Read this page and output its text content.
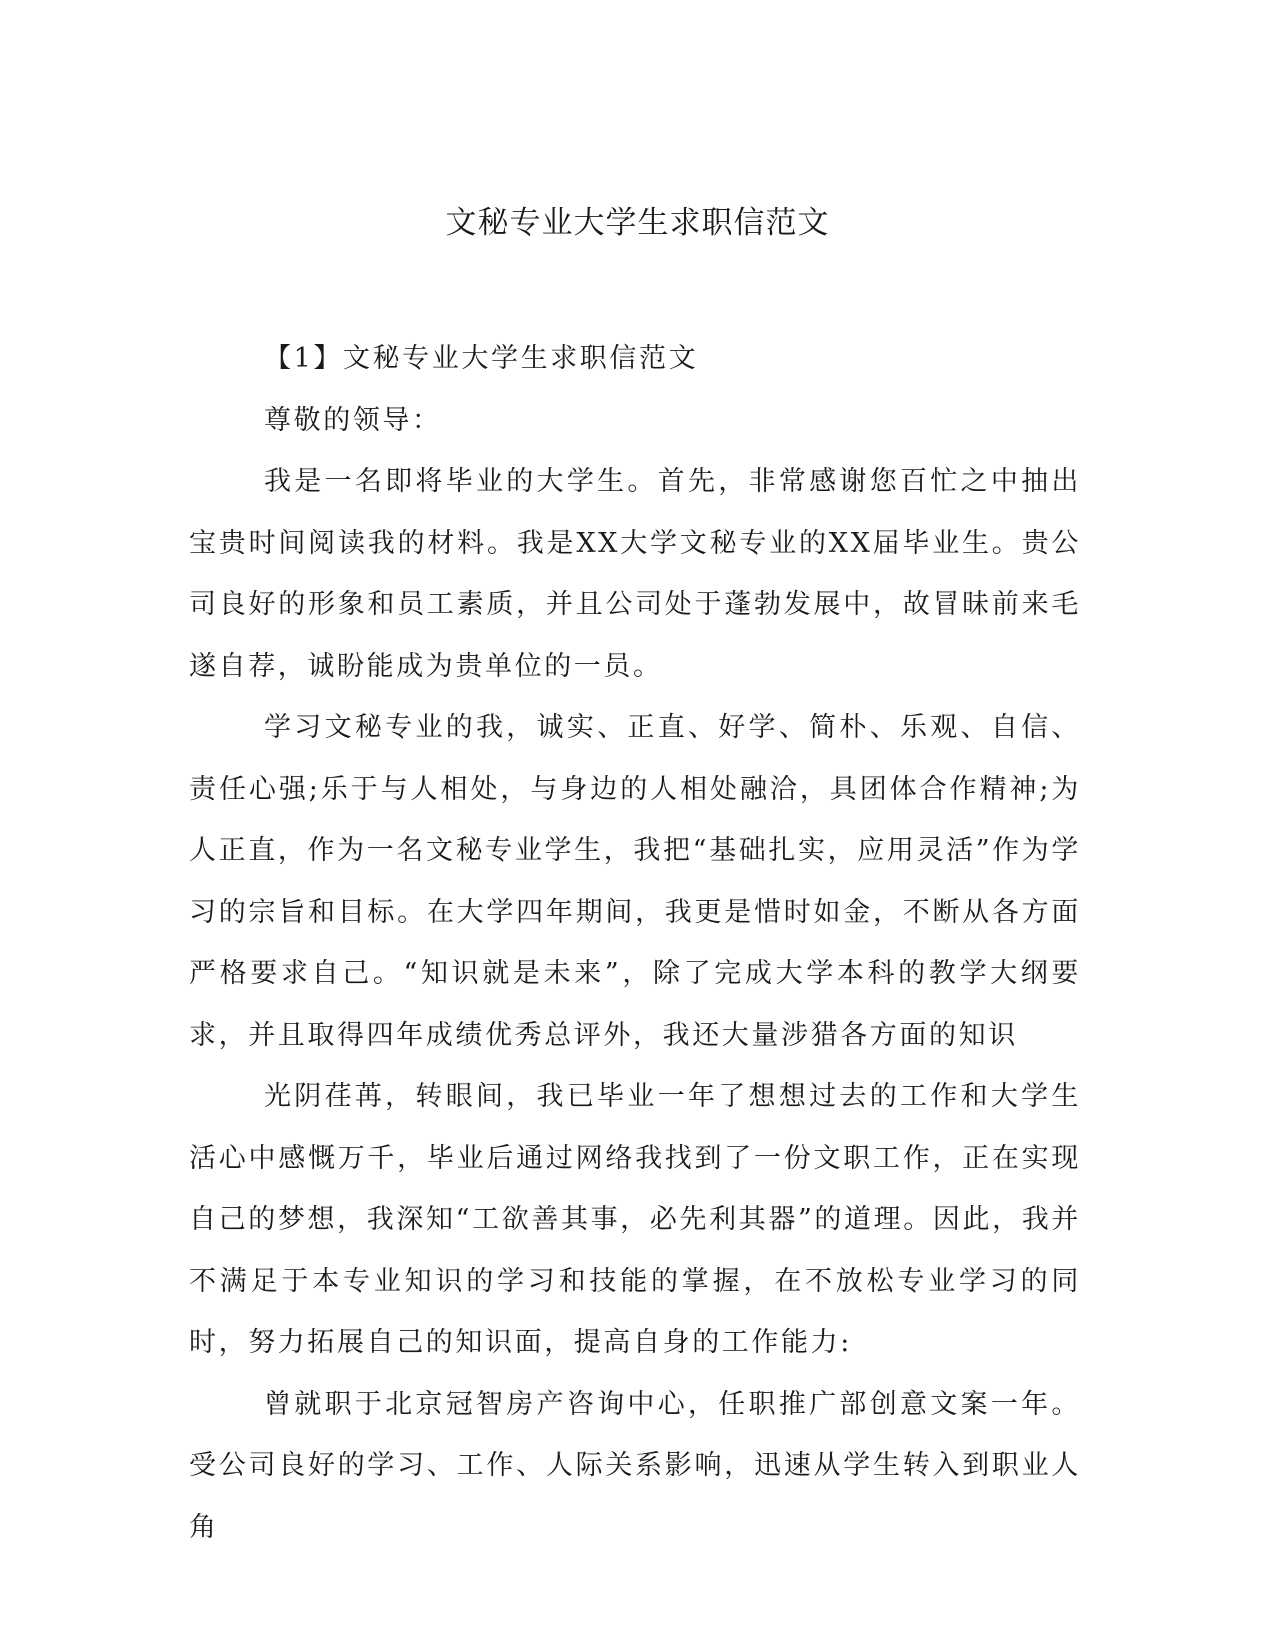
文秘专业大学生求职信范文

【1】文秘专业大学生求职信范文

尊敬的领导：

我是一名即将毕业的大学生。首先，非常感谢您百忙之中抽出宝贵时间阅读我的材料。我是XX大学文秘专业的XX届毕业生。贵公司良好的形象和员工素质，并且公司处于蓬勃发展中，故冒昧前来毛遂自荐，诚盼能成为贵单位的一员。

学习文秘专业的我，诚实、正直、好学、简朴、乐观、自信、责任心强;乐于与人相处，与身边的人相处融洽，具团体合作精神;为人正直，作为一名文秘专业学生，我把“基础扎实，应用灵活”作为学习的宗旨和目标。在大学四年期间，我更是惜时如金，不断从各方面严格要求自己。“知识就是未来”，除了完成大学本科的教学大纲要求，并且取得四年成绩优秀总评外，我还大量涉猎各方面的知识

光阴荏苒，转眼间，我已毕业一年了想想过去的工作和大学生活心中感慨万千，毕业后通过网络我找到了一份文职工作，正在实现自己的梦想，我深知“工欲善其事，必先利其器”的道理。因此，我并不满足于本专业知识的学习和技能的掌握，在不放松专业学习的同时，努力拓展自己的知识面，提高自身的工作能力:

曾就职于北京冠智房产咨询中心，任职推广部创意文案一年。受公司良好的学习、工作、人际关系影响，迅速从学生转入到职业人角
